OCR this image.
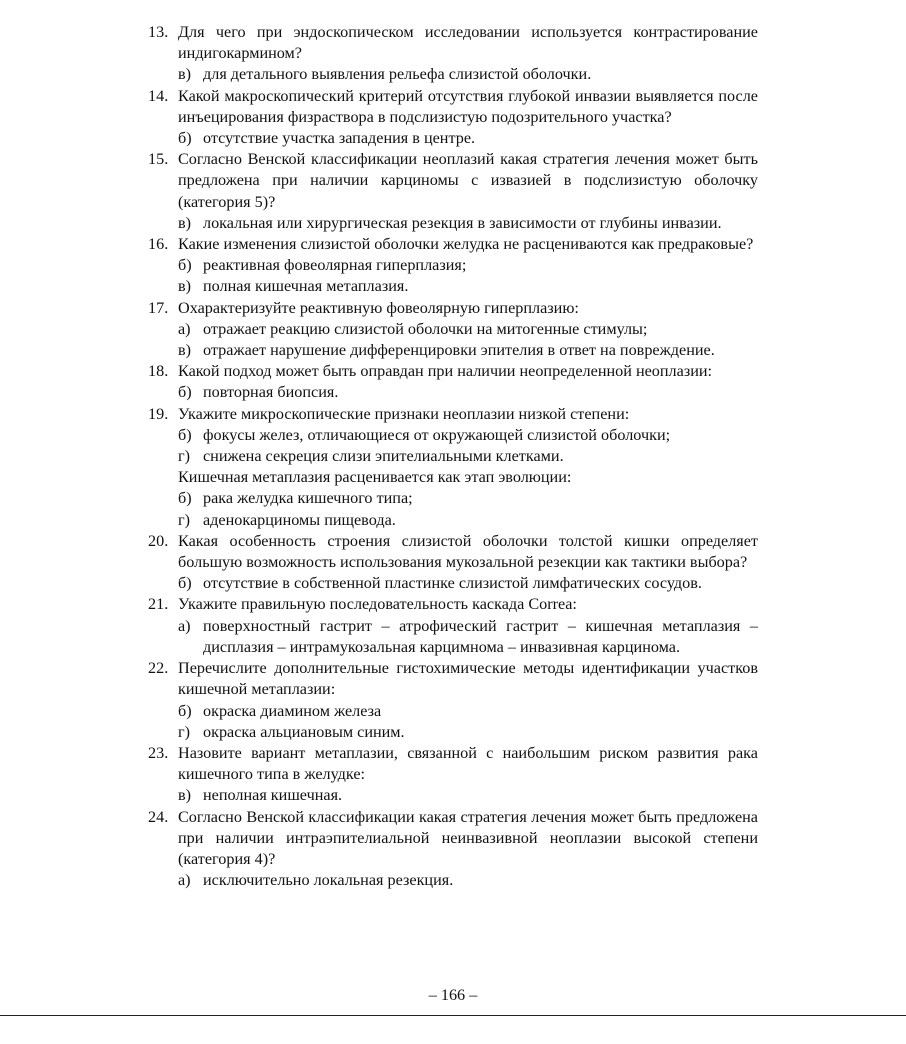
13. Для чего при эндоскопическом исследовании используется контрастирование индигокармином?
в) для детального выявления рельефа слизистой оболочки.
14. Какой макроскопический критерий отсутствия глубокой инвазии выявляется после инъецирования физраствора в подслизистую подозрительного участка?
б) отсутствие участка западения в центре.
15. Согласно Венской классификации неоплазий какая стратегия лечения может быть предложена при наличии карциномы с извазией в подслизистую оболочку (категория 5)?
в) локальная или хирургическая резекция в зависимости от глубины инвазии.
16. Какие изменения слизистой оболочки желудка не расцениваются как предраковые?
б) реактивная фовеолярная гиперплазия;
в) полная кишечная метаплазия.
17. Охарактеризуйте реактивную фовеолярную гиперплазию:
а) отражает реакцию слизистой оболочки на митогенные стимулы;
в) отражает нарушение дифференцировки эпителия в ответ на повреждение.
18. Какой подход может быть оправдан при наличии неопределенной неоплазии:
б) повторная биопсия.
19. Укажите микроскопические признаки неоплазии низкой степени:
б) фокусы желез, отличающиеся от окружающей слизистой оболочки;
г) снижена секреция слизи эпителиальными клетками.
Кишечная метаплазия расценивается как этап эволюции:
б) рака желудка кишечного типа;
г) аденокарциномы пищевода.
20. Какая особенность строения слизистой оболочки толстой кишки определяет большую возможность использования мукозальной резекции как тактики выбора?
б) отсутствие в собственной пластинке слизистой лимфатических сосудов.
21. Укажите правильную последовательность каскада Correa:
а) поверхностный гастрит – атрофический гастрит – кишечная метаплазия – дисплазия – интрамукозальная карцимнома – инвазивная карцинома.
22. Перечислите дополнительные гистохимические методы идентификации участков кишечной метаплазии:
б) окраска диамином железа
г) окраска альциановым синим.
23. Назовите вариант метаплазии, связанной с наибольшим риском развития рака кишечного типа в желудке:
в) неполная кишечная.
24. Согласно Венской классификации какая стратегия лечения может быть предложена при наличии интраэпителиальной неинвазивной неоплазии высокой степени (категория 4)?
а) исключительно локальная резекция.
– 166 –
